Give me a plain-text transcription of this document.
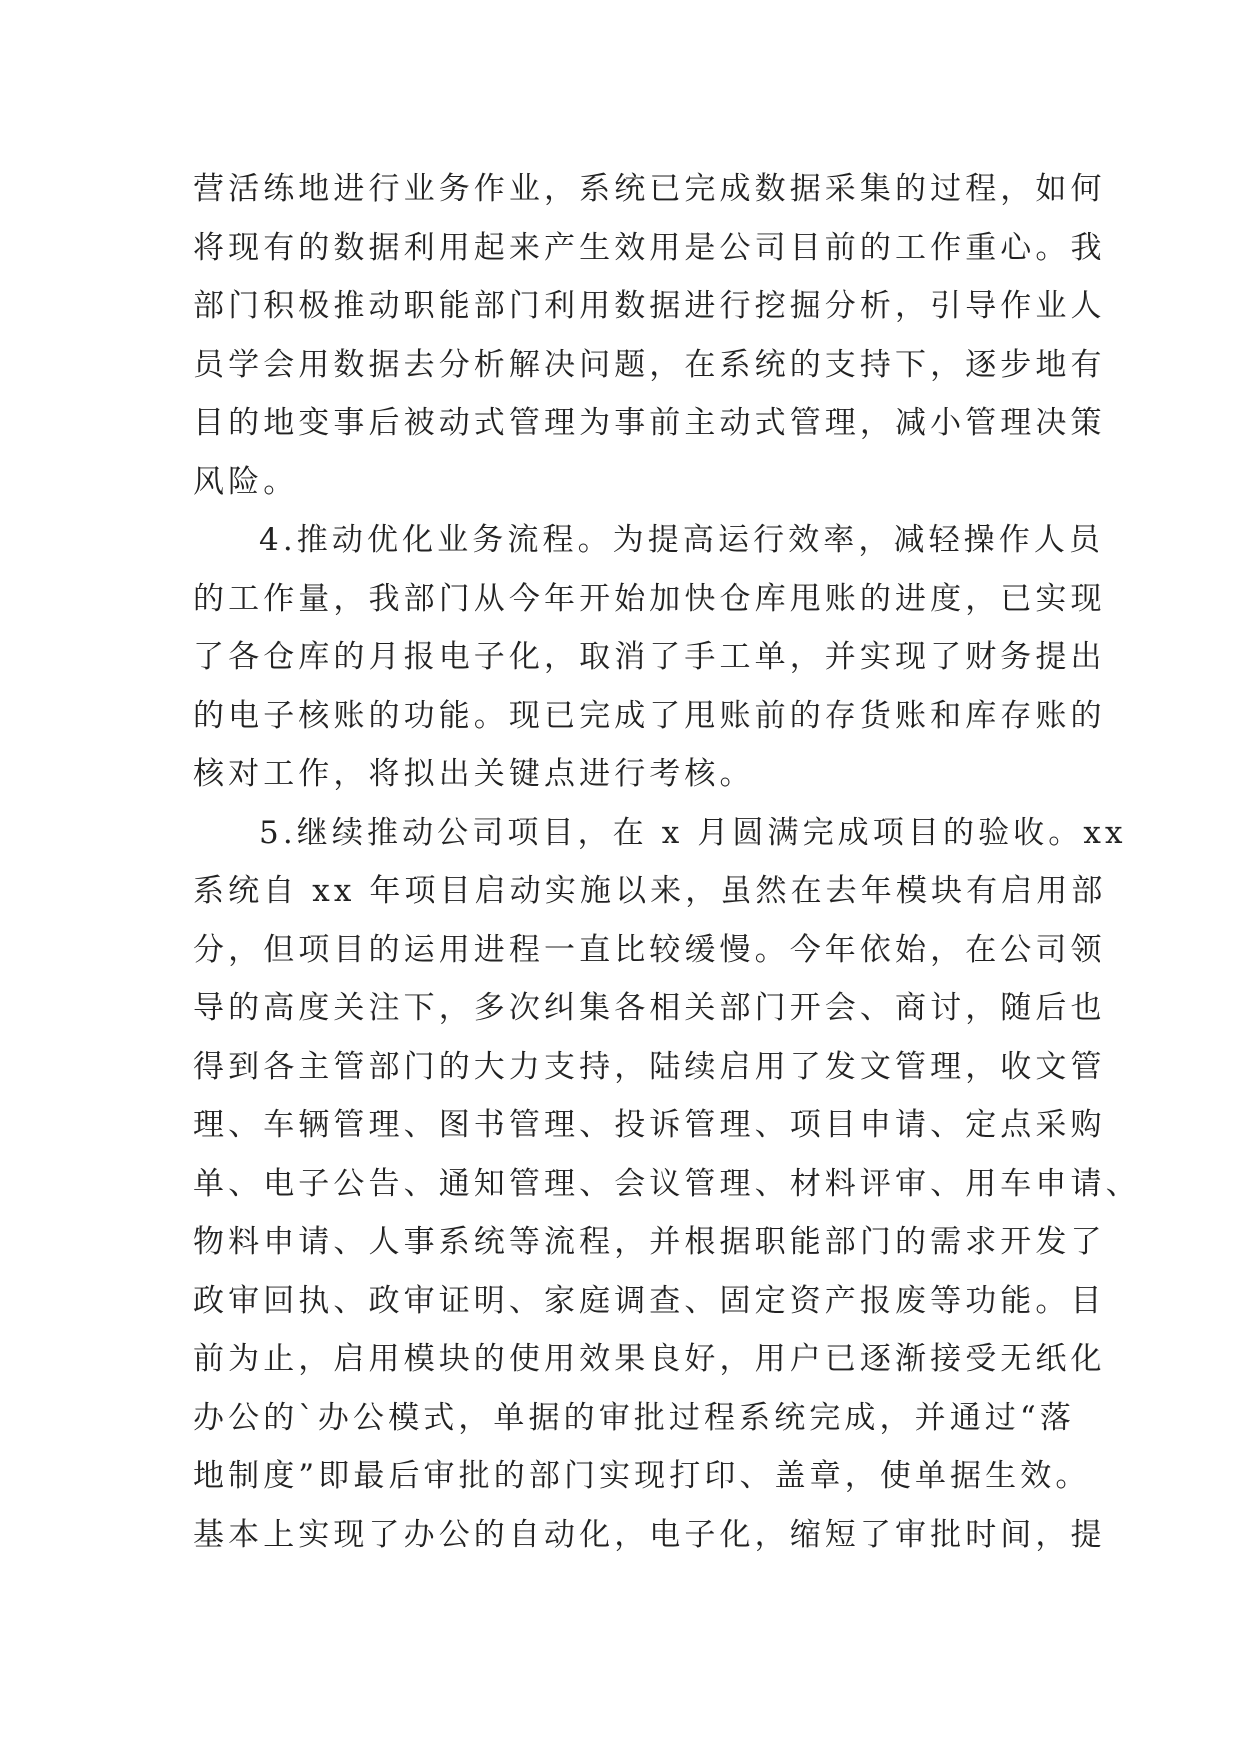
营活练地进行业务作业，系统已完成数据采集的过程，如何
将现有的数据利用起来产生效用是公司目前的工作重心。我
部门积极推动职能部门利用数据进行挖掘分析，引导作业人
员学会用数据去分析解决问题，在系统的支持下，逐步地有
目的地变事后被动式管理为事前主动式管理，减小管理决策
风险。
4.推动优化业务流程。为提高运行效率，减轻操作人员
的工作量，我部门从今年开始加快仓库甩账的进度，已实现
了各仓库的月报电子化，取消了手工单，并实现了财务提出
的电子核账的功能。现已完成了甩账前的存货账和库存账的
核对工作，将拟出关键点进行考核。
5.继续推动公司项目，在 x 月圆满完成项目的验收。xx
系统自 xx 年项目启动实施以来，虽然在去年模块有启用部
分，但项目的运用进程一直比较缓慢。今年依始，在公司领
导的高度关注下，多次纠集各相关部门开会、商讨，随后也
得到各主管部门的大力支持，陆续启用了发文管理，收文管
理、车辆管理、图书管理、投诉管理、项目申请、定点采购
单、电子公告、通知管理、会议管理、材料评审、用车申请、
物料申请、人事系统等流程，并根据职能部门的需求开发了
政审回执、政审证明、家庭调查、固定资产报废等功能。目
前为止，启用模块的使用效果良好，用户已逐渐接受无纸化
办公的`办公模式，单据的审批过程系统完成，并通过“落
地制度”即最后审批的部门实现打印、盖章，使单据生效。
基本上实现了办公的自动化，电子化，缩短了审批时间，提
